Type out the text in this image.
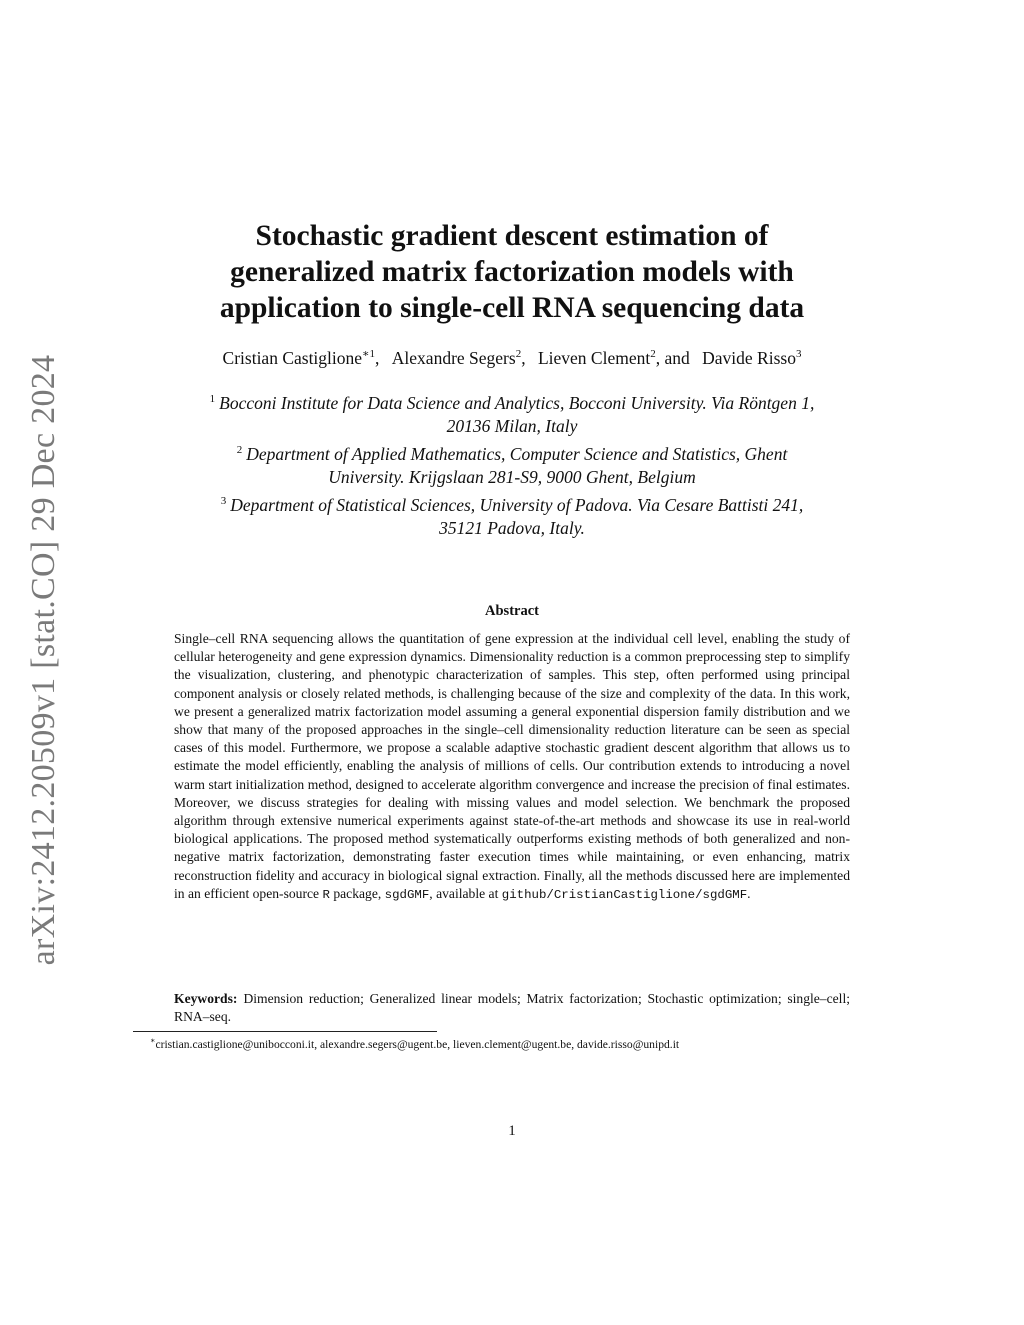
arXiv:2412.20509v1 [stat.CO] 29 Dec 2024
Stochastic gradient descent estimation of
generalized matrix factorization models with
application to single-cell RNA sequencing data
Cristian Castiglione$^{∗1}$, Alexandre Segers$^2$, Lieven Clement$^2$, and Davide Risso$^3$
$^1$ Bocconi Institute for Data Science and Analytics, Bocconi University. Via Röntgen 1,
20136 Milan, Italy
$^2$ Department of Applied Mathematics, Computer Science and Statistics, Ghent
University. Krijgslaan 281-S9, 9000 Ghent, Belgium
$^3$ Department of Statistical Sciences, University of Padova. Via Cesare Battisti 241,
35121 Padova, Italy.
Abstract
Single–cell RNA sequencing allows the quantitation of gene expression at the individual cell level, enabling the study of cellular heterogeneity and gene expression dynamics. Dimensionality reduction is a common preprocessing step to simplify the visualization, clustering, and phenotypic characterization of samples. This step, often performed using principal component analysis or closely related methods, is challenging because of the size and complexity of the data. In this work, we present a generalized matrix factorization model assuming a general exponential dispersion family distribution and we show that many of the proposed approaches in the single–cell dimensionality reduction literature can be seen as special cases of this model. Furthermore, we propose a scalable adaptive stochastic gradient descent algorithm that allows us to estimate the model efficiently, enabling the analysis of millions of cells. Our contribution extends to introducing a novel warm start initialization method, designed to accelerate algorithm convergence and increase the precision of final estimates. Moreover, we discuss strategies for dealing with missing values and model selection. We benchmark the proposed algorithm through extensive numerical experiments against state-of-the-art methods and showcase its use in real-world biological applications. The proposed method systematically outperforms existing methods of both generalized and non-negative matrix factorization, demonstrating faster execution times while maintaining, or even enhancing, matrix reconstruction fidelity and accuracy in biological signal extraction. Finally, all the methods discussed here are implemented in an efficient open-source R package, sgdGMF, available at github/CristianCastiglione/sgdGMF.
Keywords: Dimension reduction; Generalized linear models; Matrix factorization; Stochastic optimization; single–cell; RNA–seq.
∗cristian.castiglione@unibocconi.it, alexandre.segers@ugent.be, lieven.clement@ugent.be, davide.risso@unipd.it
1
